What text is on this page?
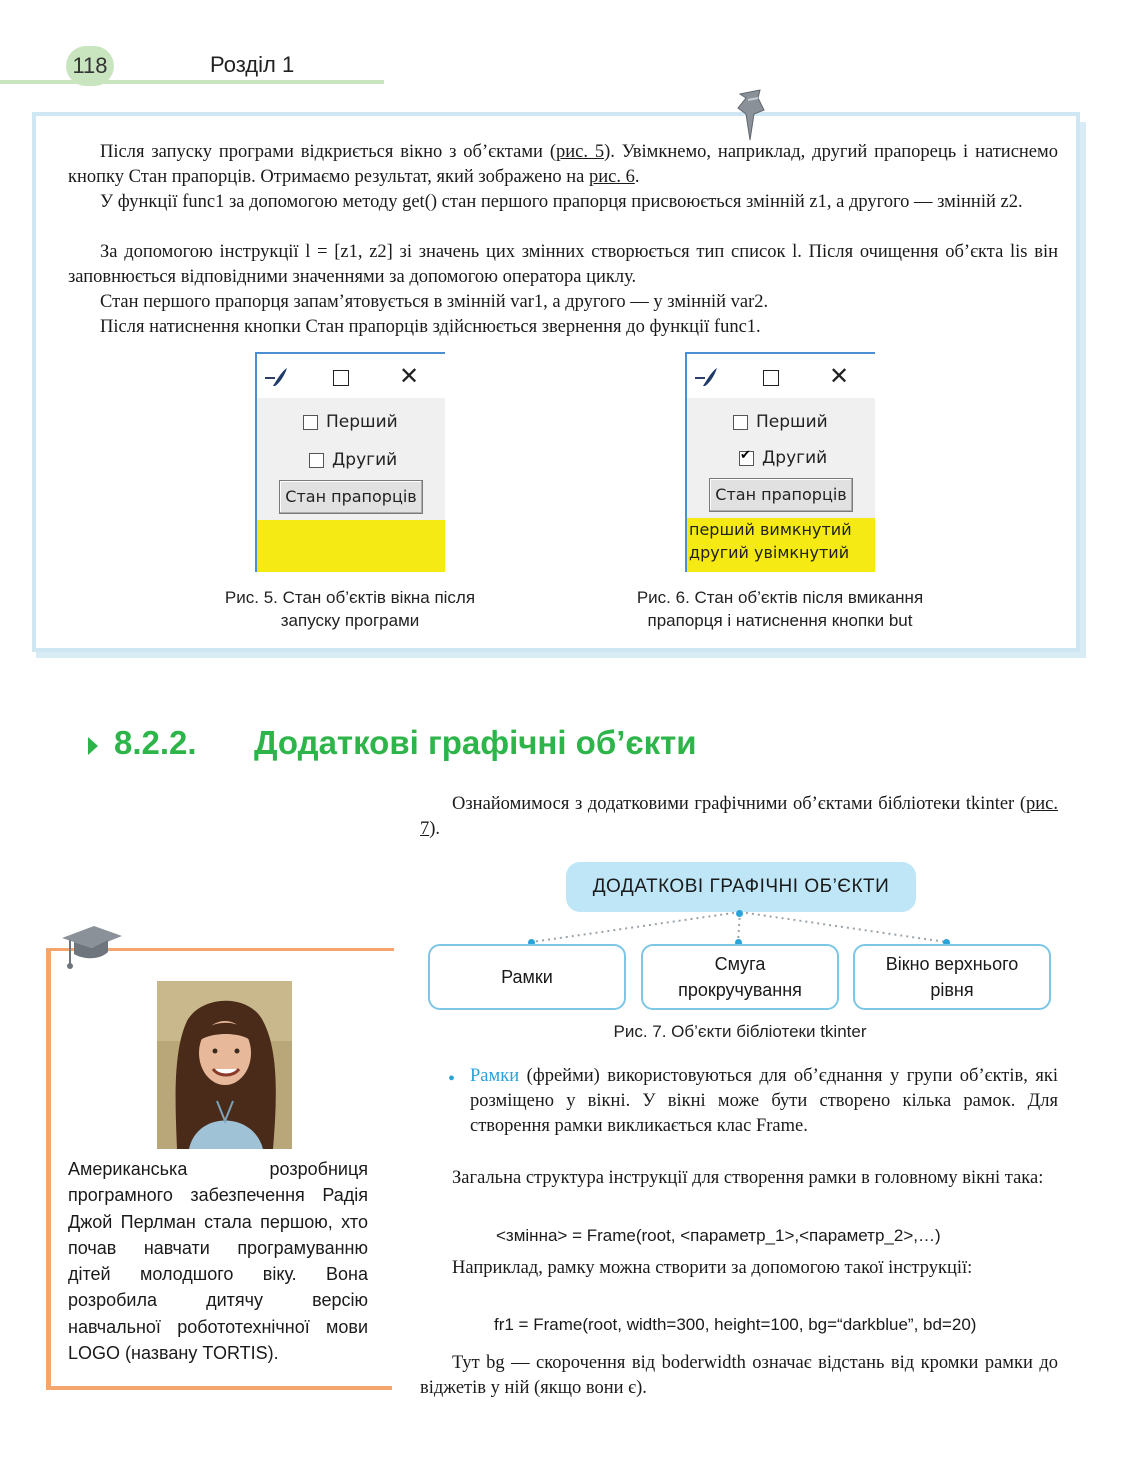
118	Розділ 1
Після запуску програми відкриється вікно з об’єктами (рис. 5). Увімкнемо, наприклад, другий прапорець і натиснемо кнопку Стан прапорців. Отримаємо результат, який зображено на рис. 6.
У функції func1 за допомогою методу get() стан першого прапорця присвоюється змінній z1, а другого — змінній z2.
За допомогою інструкції l = [z1, z2] зі значень цих змінних створюється тип список l. Після очищення об’єкта lis він заповнюється відповідними значеннями за допомогою оператора циклу.
Стан першого прапорця запам’ятовується в змінній var1, а другого — у змінній var2.
Після натиснення кнопки Стан прапорців здійснюється звернення до функції func1.
✕
Перший
Другий
Стан прапорців
Рис. 5. Стан об’єктів вікна після
запуску програми
✕
Перший
✔
Другий
Стан прапорців
перший вимкнутий
другий увімкнутий
Рис. 6. Стан об’єктів після вмикання
прапорця і натиснення кнопки but
8.2.2. Додаткові графічні об’єкти
Ознайомимося з додатковими графічними об’єктами бібліотеки tkinter (рис. 7).
ДОДАТКОВІ ГРАФІЧНІ ОБ’ЄКТИ
Рамки
Смуга
прокручування
Вікно верхнього
рівня
Рис. 7. Об’єкти бібліотеки tkinter
• Рамки (фрейми) використовуються для об’єднання у групи об’єктів, які розміщено у вікні. У вікні може бути створено кілька рамок. Для створення рамки викликається клас Frame.
Загальна структура інструкції для створення рамки в головному вікні така:
<змінна> = Frame(root, <параметр_1>,<параметр_2>,…)
Наприклад, рамку можна створити за допомогою такої інструкції:
fr1 = Frame(root, width=300, height=100, bg=“darkblue”, bd=20)
Тут bg — скорочення від boderwidth означає відстань від кромки рамки до віджетів у ній (якщо вони є).
Американська розробниця програмного забезпечення Радія Джой Перлман стала першою, хто почав навчати програмуванню дітей молодшого віку. Вона розробила дитячу версію навчальної робототехнічної мови LOGO (названу TORTIS).
